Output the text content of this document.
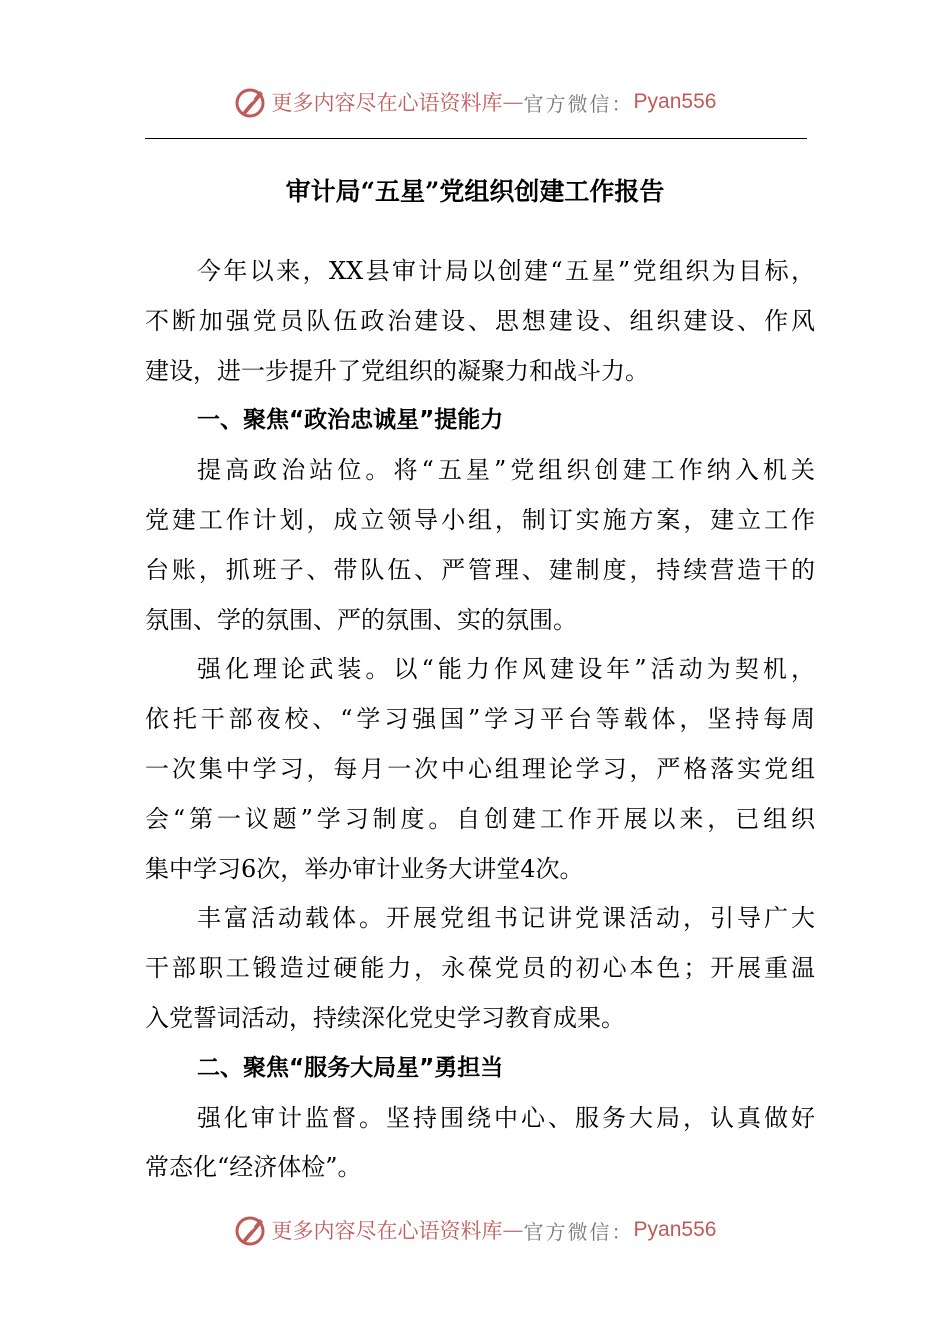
更多内容尽在心语资料库 — 官方微信： Pyan556
审计局“五星”党组织创建工作报告
今年以来，XX县审计局以创建“五星”党组织为目标，
不断加强党员队伍政治建设、思想建设、组织建设、作风
建设，进一步提升了党组织的凝聚力和战斗力。
一、聚焦“政治忠诚星”提能力
提高政治站位。将“五星”党组织创建工作纳入机关
党建工作计划，成立领导小组，制订实施方案，建立工作
台账，抓班子、带队伍、严管理、建制度，持续营造干的
氛围、学的氛围、严的氛围、实的氛围。
强化理论武装。以“能力作风建设年”活动为契机，
依托干部夜校、“学习强国”学习平台等载体，坚持每周
一次集中学习，每月一次中心组理论学习，严格落实党组
会“第一议题”学习制度。自创建工作开展以来，已组织
集中学习6次，举办审计业务大讲堂4次。
丰富活动载体。开展党组书记讲党课活动，引导广大
干部职工锻造过硬能力，永葆党员的初心本色；开展重温
入党誓词活动，持续深化党史学习教育成果。
二、聚焦“服务大局星”勇担当
强化审计监督。坚持围绕中心、服务大局，认真做好
常态化“经济体检”。
更多内容尽在心语资料库 — 官方微信： Pyan556
